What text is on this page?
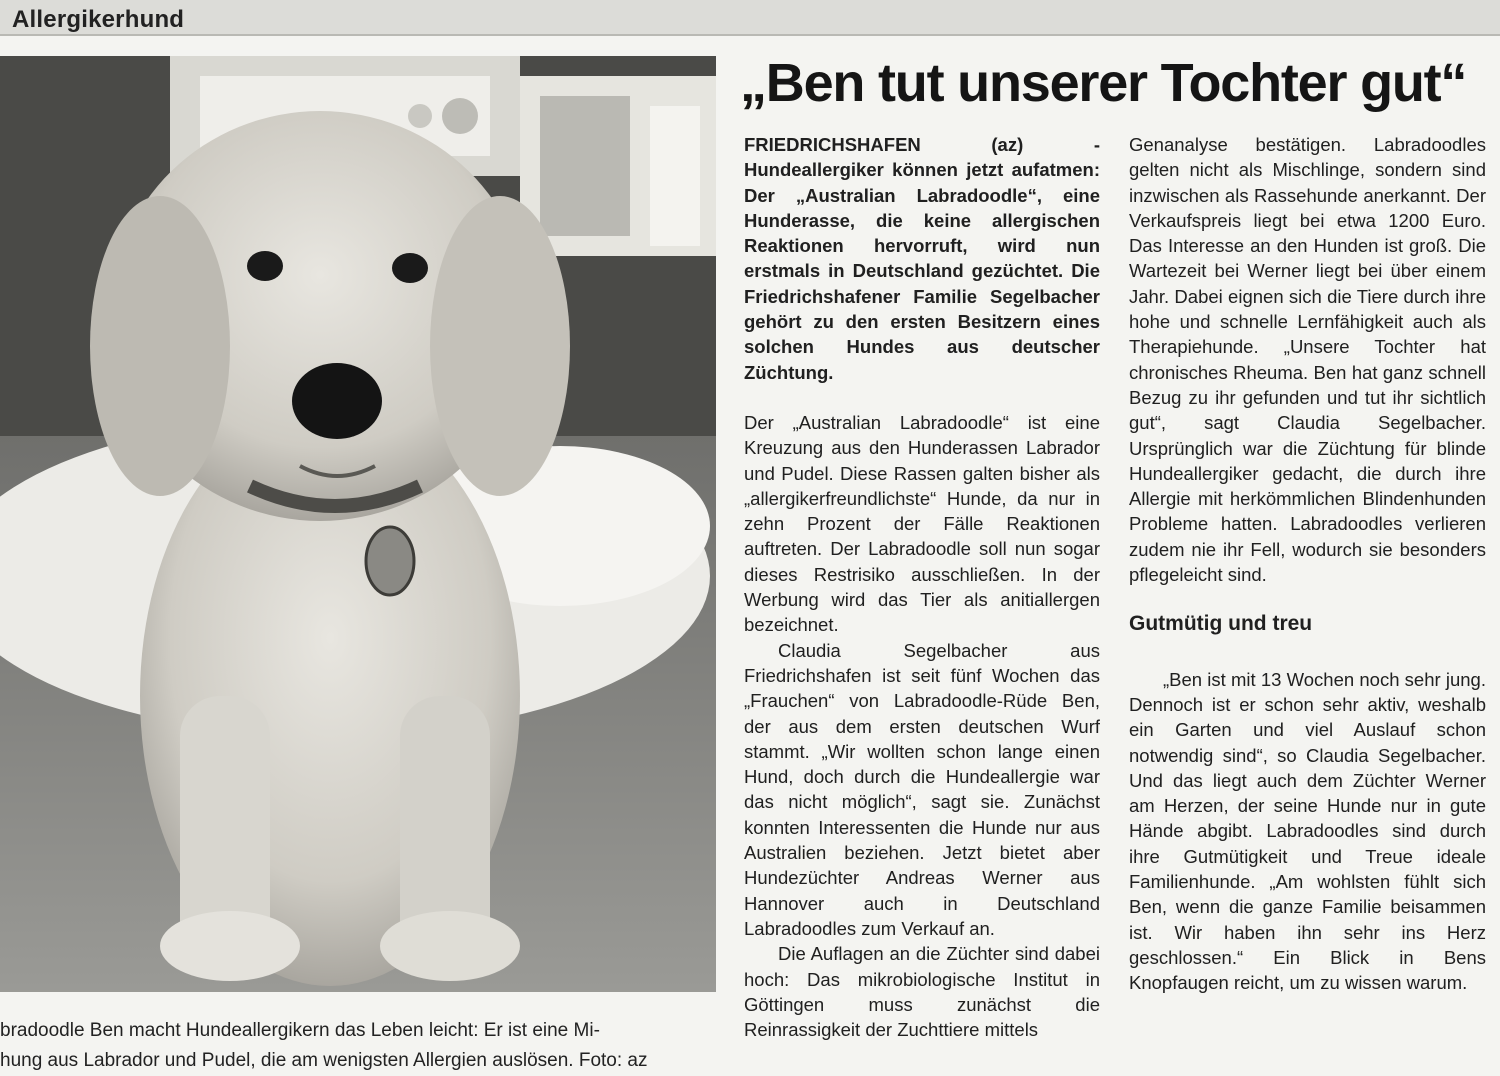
Allergikerhund
„Ben tut unserer Tochter gut“

bradoodle Ben macht Hundeallergikern das Leben leicht: Er ist eine Mi-

hung aus Labrador und Pudel, die am wenigsten Allergien auslösen. Foto: az

FRIEDRICHSHAFEN (az) - Hundeallergiker können jetzt aufatmen: Der „Australian Labradoodle“, eine Hunderasse, die keine allergischen Reaktionen hervorruft, wird nun erstmals in Deutschland gezüchtet. Die Friedrichshafener Familie Segelbacher gehört zu den ersten Besitzern eines solchen Hundes aus deutscher Züchtung.

Der „Australian Labradoodle“ ist eine Kreuzung aus den Hunderassen Labrador und Pudel. Diese Rassen galten bisher als „allergikerfreundlichste“ Hunde, da nur in zehn Prozent der Fälle Reaktionen auftreten. Der Labradoodle soll nun sogar dieses Restrisiko ausschließen. In der Werbung wird das Tier als anitiallergen bezeichnet.

Claudia Segelbacher aus Friedrichshafen ist seit fünf Wochen das „Frauchen“ von Labradoodle-Rüde Ben, der aus dem ersten deutschen Wurf stammt. „Wir wollten schon lange einen Hund, doch durch die Hundeallergie war das nicht möglich“, sagt sie. Zunächst konnten Interessenten die Hunde nur aus Australien beziehen. Jetzt bietet aber Hundezüchter Andreas Werner aus Hannover auch in Deutschland Labradoodles zum Verkauf an.

Die Auflagen an die Züchter sind dabei hoch: Das mikrobiologische Institut in Göttingen muss zunächst die Reinrassigkeit der Zuchttiere mittels

Genanalyse bestätigen. Labradoodles gelten nicht als Mischlinge, sondern sind inzwischen als Rassehunde anerkannt. Der Verkaufspreis liegt bei etwa 1200 Euro. Das Interesse an den Hunden ist groß. Die Wartezeit bei Werner liegt bei über einem Jahr. Dabei eignen sich die Tiere durch ihre hohe und schnelle Lernfähigkeit auch als Therapiehunde. „Unsere Tochter hat chronisches Rheuma. Ben hat ganz schnell Bezug zu ihr gefunden und tut ihr sichtlich gut“, sagt Claudia Segelbacher. Ursprünglich war die Züchtung für blinde Hundeallergiker gedacht, die durch ihre Allergie mit herkömmlichen Blindenhunden Probleme hatten. Labradoodles verlieren zudem nie ihr Fell, wodurch sie besonders pflegeleicht sind.

Gutmütig und treu

„Ben ist mit 13 Wochen noch sehr jung. Dennoch ist er schon sehr aktiv, weshalb ein Garten und viel Auslauf schon notwendig sind“, so Claudia Segelbacher. Und das liegt auch dem Züchter Werner am Herzen, der seine Hunde nur in gute Hände abgibt. Labradoodles sind durch ihre Gutmütigkeit und Treue ideale Familienhunde. „Am wohlsten fühlt sich Ben, wenn die ganze Familie beisammen ist. Wir haben ihn sehr ins Herz geschlossen.“ Ein Blick in Bens Knopfaugen reicht, um zu wissen warum.
